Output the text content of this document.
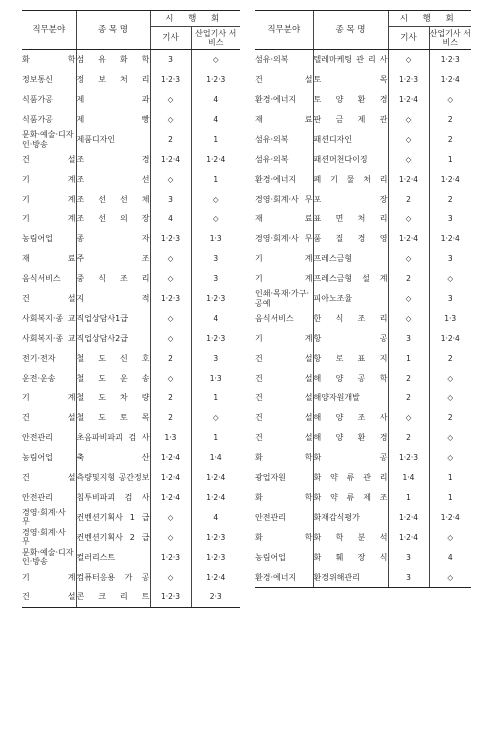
직무분야	종 목 명	시 행 회	
		기사	산업기사 서비스
화 학	섬 유 화 학	3	◇
정보통신	정 보 처 리	1·2·3	1·2·3
식품가공	제 과	◇	4
식품가공	제 빵	◇	4
문화·예술·디자인·방송	제품디자인	2	1
건 설	조 경	1·2·4	1·2·4
기 계	조 선	◇	1
기 계	조 선 선 체	3	◇
기 계	조 선 의 장	4	◇
농림어업	종 자	1·2·3	1·3
재 료	주 조	◇	3
음식서비스	중 식 조 리	◇	3
건 설	지 적	1·2·3	1·2·3
사회복지·종 교	직업상담사1급	◇	4
사회복지·종 교	직업상담사2급	◇	1·2·3
전기·전자	철 도 신 호	2	3
운전·운송	철 도 운 송	◇	1·3
기 계	철 도 차 량	2	1
건 설	철 도 토 목	2	◇
안전관리	초음파비파괴 검 사	1·3	1
농림어업	축 산	1·2·4	1·4
건 설	측량및지형 공간정보	1·2·4	1·2·4
안전관리	침투비파괴 검 사	1·2·4	1·2·4
경영·회계·사 무	컨벤션기획사 1 급	◇	4
경영·회계·사 무	컨벤션기획사 2 급	◇	1·2·3
문화·예술·디자인·방송	컬러리스트	1·2·3	1·2·3
기 계	컴퓨터응용 가 공	◇	1·2·4
건 설	콘 크 리 트	1·2·3	2·3
직무분야	종 목 명	시 행 회	
		기사	산업기사 서비스
섬유·의복	텔레마케팅 관 리 사	◇	1·2·3
건 설	토 목	1·2·3	1·2·4
환경·에너지	토 양 환 경	1·2·4	◇
재 료	판 금 제 관	◇	2
섬유·의복	패션디자인	◇	2
섬유·의복	패션머천다이징	◇	1
환경·에너지	폐 기 물 처 리	1·2·4	1·2·4
경영·회계·사 무	포 장	2	2
재 료	표 면 처 리	◇	3
경영·회계·사 무	품 질 경 영	1·2·4	1·2·4
기 계	프레스금형	◇	3
기 계	프레스금형 설 계	2	◇
인쇄·목재·가구·공예	피아노조율	◇	3
음식서비스	한 식 조 리	◇	1·3
기 계	항 공	3	1·2·4
건 설	항 로 표 지	1	2
건 설	해 양 공 학	2	◇
건 설	해양자원개발	2	◇
건 설	해 양 조 사	◇	2
건 설	해 양 환 경	2	◇
화 학	화 공	1·2·3	◇
광업자원	화 약 류 관 리	1·4	1
화 학	화 약 류 제 조	1	1
안전관리	화재감식평가	1·2·4	1·2·4
화 학	화 학 분 석	1·2·4	◇
농림어업	화 훼 장 식	3	4
환경·에너지	환경위해관리	3	◇
